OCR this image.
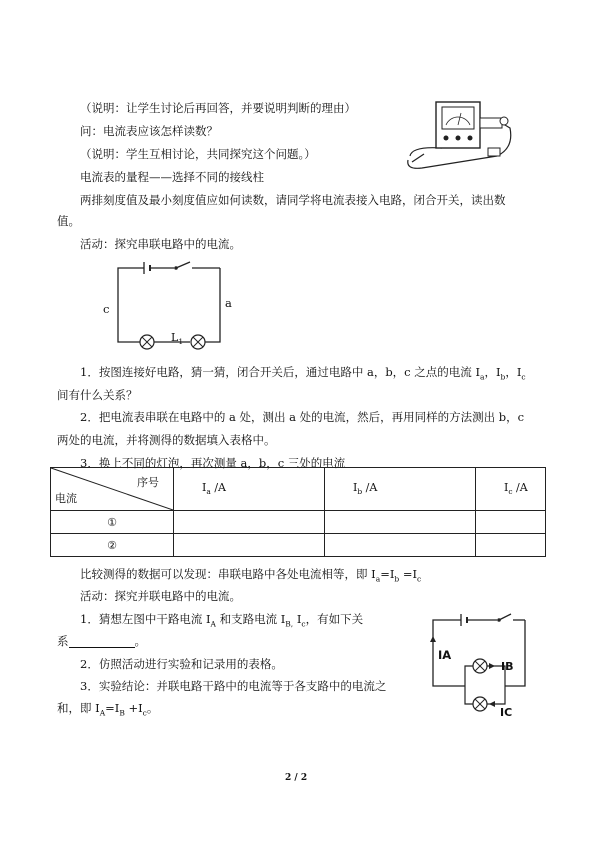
（说明：让学生讨论后再回答，并要说明判断的理由）
问：电流表应该怎样读数？
（说明：学生互相讨论，共同探究这个问题。）
电流表的量程——选择不同的接线柱
两排刻度值及最小刻度值应如何读数，请同学将电流表接入电路，闭合开关，读出数
值。
活动：探究串联电路中的电流。
a
c
$L_1$
1．按图连接好电路，猜一猜，闭合开关后，通过电路中 a，b，c 之点的电流 $I_a$，$I_b$，$I_c$
间有什么关系？
2．把电流表串联在电路中的 a 处，测出 a 处的电流，然后，再用同样的方法测出 b，c
两处的电流，并将测得的数据填入表格中。
3．换上不同的灯泡，再次测量 a，b，c 三处的电流
序号
电流	$I_a$ /A	$I_b$ /A	$I_c$ /A
①			
②			
比较测得的数据可以发现：串联电路中各处电流相等，即 $I_a=I_b =I_c$
活动：探究并联电路中的电流。
1．猜想左图中干路电流 $I_A$ 和支路电流 $I_{B,}$ $I_c$，有如下关
系	。
2．仿照活动进行实验和记录用的表格。
3．实验结论：并联电路干路中的电流等于各支路中的电流之
和，即 $I_A=I_B +I_c$。
IA
IB
IC
2 / 2
